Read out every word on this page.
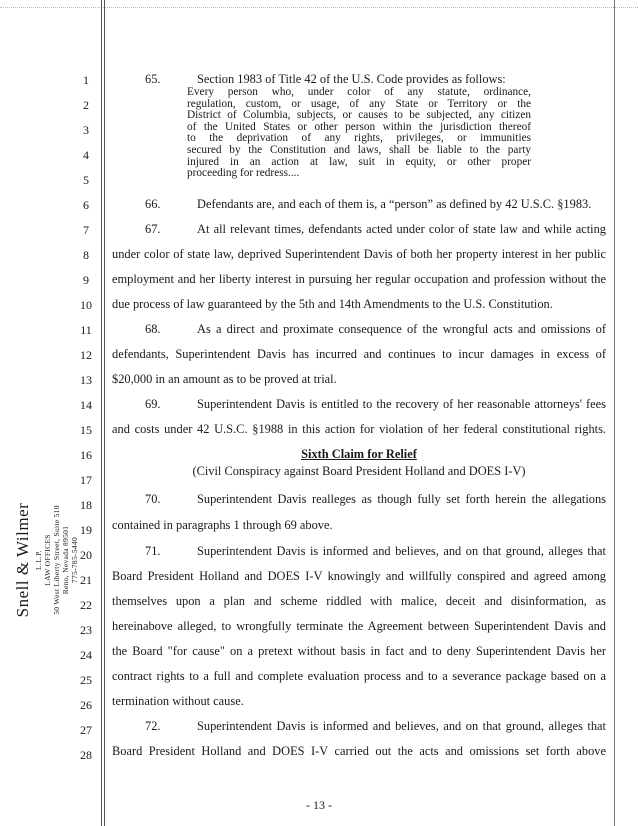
1
2
3
4
5
6
7
8
9
10
11
12
13
14
15
16
17
18
19
20
21
22
23
24
25
26
27
28
Snell & Wilmer L.L.P. LAW OFFICES 50 West Liberty Street, Suite 510 Reno, Nevada 89501 775-785-5440
65.	Section 1983 of Title 42 of the U.S. Code provides as follows:
Every person who, under color of any statute, ordinance,
regulation, custom, or usage, of any State or Territory or the
District of Columbia, subjects, or causes to be subjected, any citizen
of the United States or other person within the jurisdiction thereof
to the deprivation of any rights, privileges, or immunities
secured by the Constitution and laws, shall be liable to the party
injured in an action at law, suit in equity, or other proper
proceeding for redress....
66.	Defendants are, and each of them is, a “person” as defined by 42 U.S.C. §1983.
67.	At all relevant times, defendants acted under color of state law and while acting
under color of state law, deprived Superintendent Davis of both her property interest in her public
employment and her liberty interest in pursuing her regular occupation and profession without the
due process of law guaranteed by the 5th and 14th Amendments to the U.S. Constitution.
68.	As a direct and proximate consequence of the wrongful acts and omissions of
defendants, Superintendent Davis has incurred and continues to incur damages in excess of
$20,000 in an amount as to be proved at trial.
69.	Superintendent Davis is entitled to the recovery of her reasonable attorneys' fees
and costs under 42 U.S.C. §1988 in this action for violation of her federal constitutional rights.
Sixth Claim for Relief
(Civil Conspiracy against Board President Holland and DOES I-V)
70.	Superintendent Davis realleges as though fully set forth herein the allegations
contained in paragraphs 1 through 69 above.
71.	Superintendent Davis is informed and believes, and on that ground, alleges that
Board President Holland and DOES I-V knowingly and willfully conspired and agreed among
themselves upon a plan and scheme riddled with malice, deceit and disinformation, as
hereinabove alleged, to wrongfully terminate the Agreement between Superintendent Davis and
the Board "for cause" on a pretext without basis in fact and to deny Superintendent Davis her
contract rights to a full and complete evaluation process and to a severance package based on a
termination without cause.
72.	Superintendent Davis is informed and believes, and on that ground, alleges that
Board President Holland and DOES I-V carried out the acts and omissions set forth above
- 13 -
